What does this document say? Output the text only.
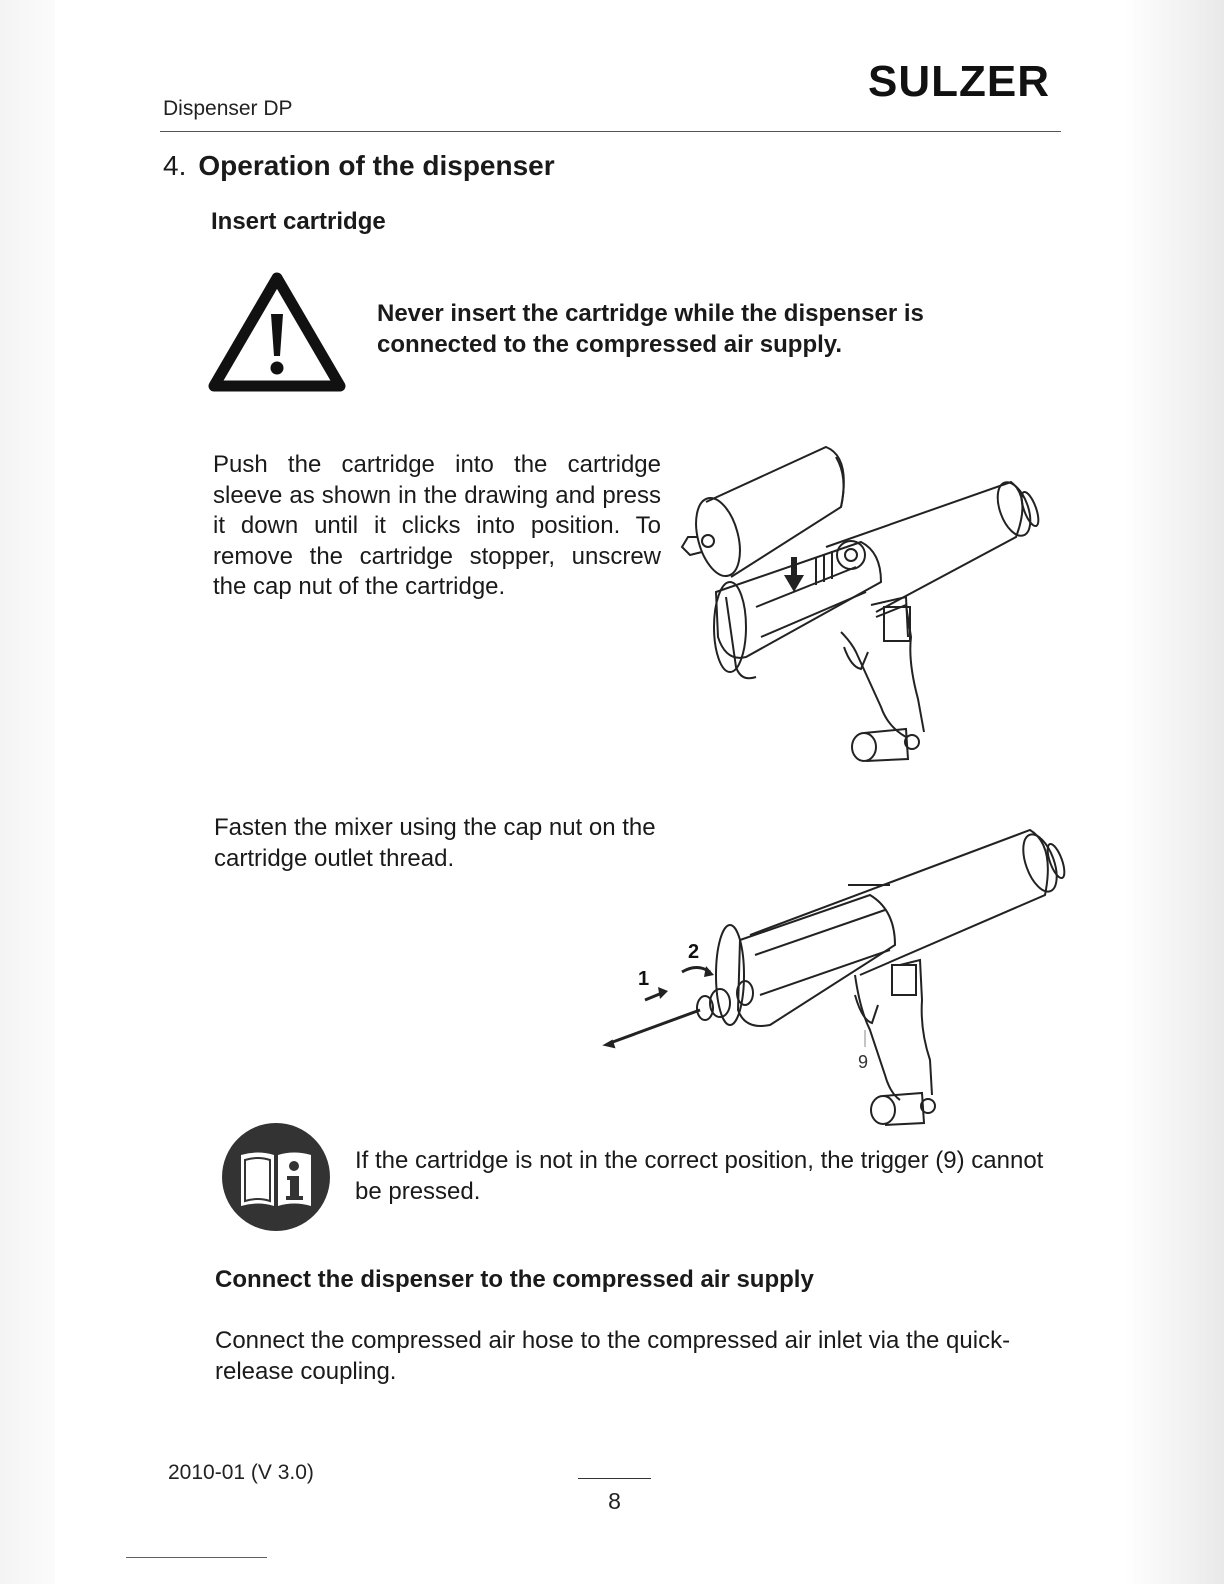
Dispenser DP
SULZER
4. Operation of the dispenser
Insert cartridge
Never insert the cartridge while the dispenser is connected to the compressed air supply.
Push the cartridge into the cartridge sleeve as shown in the drawing and press it down until it clicks into position. To remove the cartridge stopper, unscrew the cap nut of the cartridge.
Fasten the mixer using the cap nut on the cartridge outlet thread.
1
2
9
If the cartridge is not in the correct position, the trigger (9) cannot be pressed.
Connect the dispenser to the compressed air supply
Connect the compressed air hose to the compressed air inlet via the quick-release coupling.
2010-01 (V 3.0)
8
